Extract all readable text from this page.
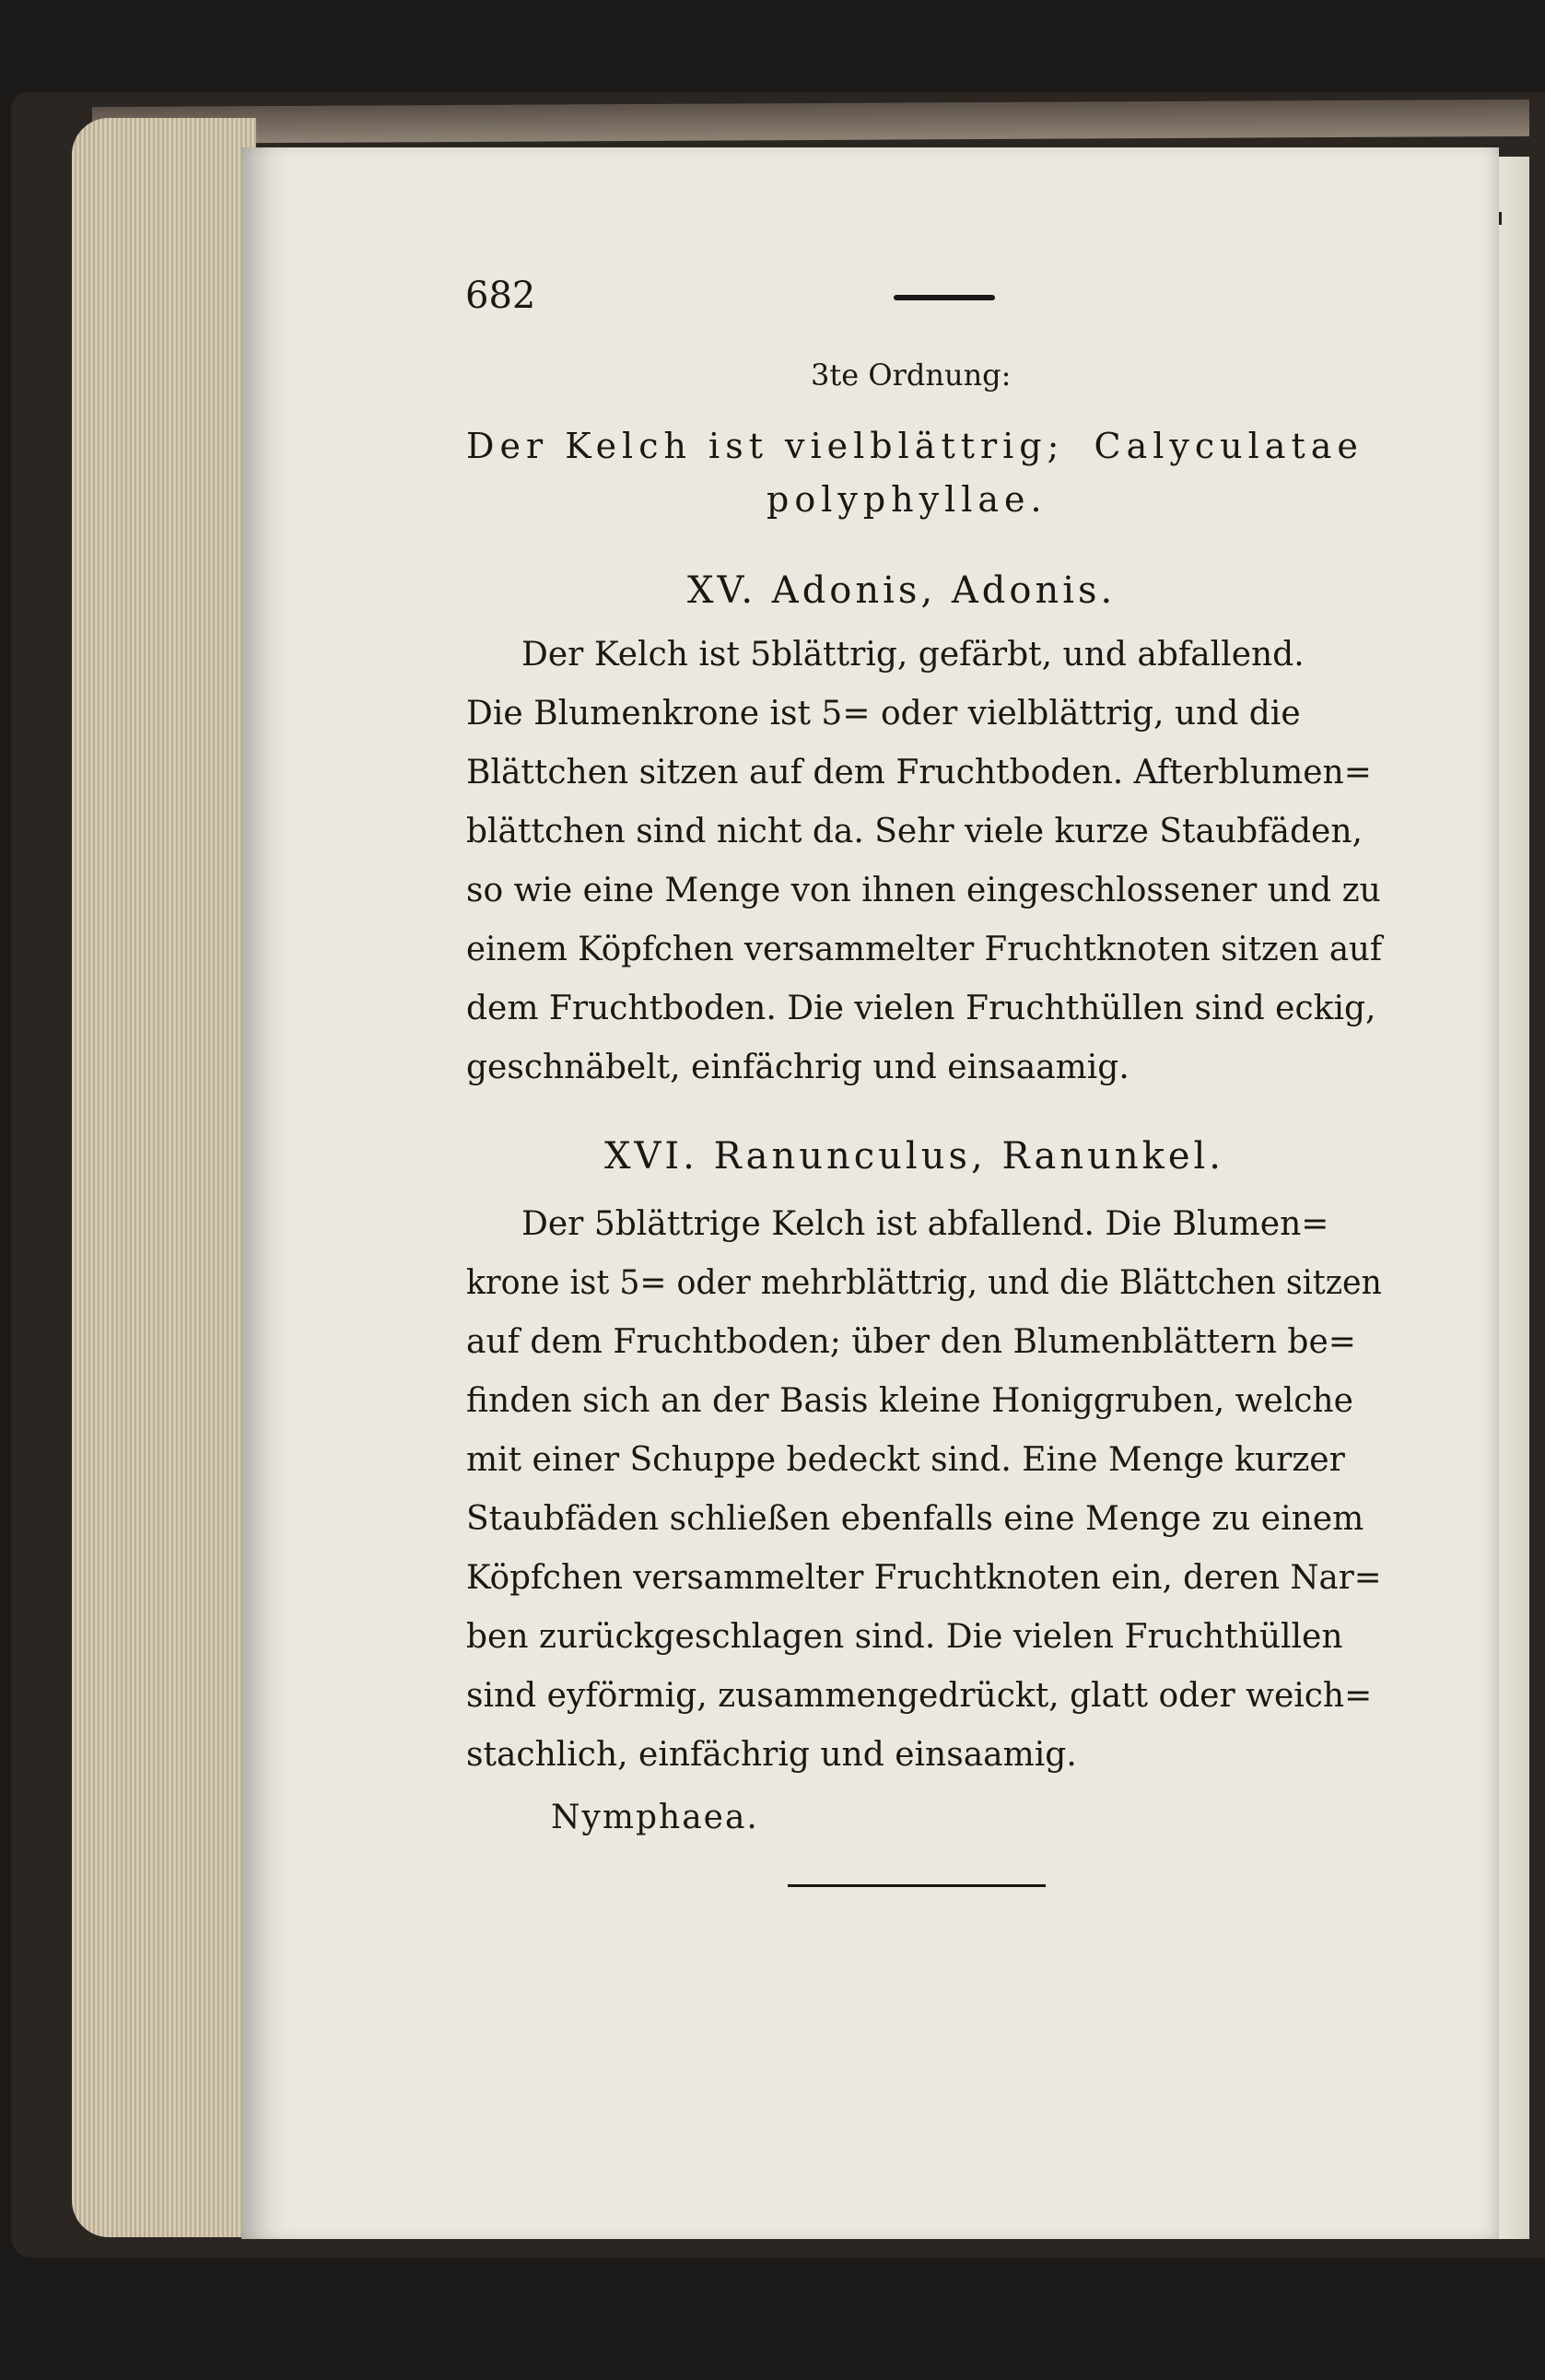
682
3te Ordnung:
Der Kelch ist vielblättrig; Calyculatae
polyphyllae.
XV. Adonis, Adonis.
Der Kelch ist 5blättrig, gefärbt, und abfallend.
Die Blumenkrone ist 5= oder vielblättrig, und die
Blättchen sitzen auf dem Fruchtboden. Afterblumen=
blättchen sind nicht da. Sehr viele kurze Staubfäden,
so wie eine Menge von ihnen eingeschlossener und zu
einem Köpfchen versammelter Fruchtknoten sitzen auf
dem Fruchtboden. Die vielen Fruchthüllen sind eckig,
geschnäbelt, einfächrig und einsaamig.
XVI. Ranunculus, Ranunkel.
Der 5blättrige Kelch ist abfallend. Die Blumen=
krone ist 5= oder mehrblättrig, und die Blättchen sitzen
auf dem Fruchtboden; über den Blumenblättern be=
finden sich an der Basis kleine Honiggruben, welche
mit einer Schuppe bedeckt sind. Eine Menge kurzer
Staubfäden schließen ebenfalls eine Menge zu einem
Köpfchen versammelter Fruchtknoten ein, deren Nar=
ben zurückgeschlagen sind. Die vielen Fruchthüllen
sind eyförmig, zusammengedrückt, glatt oder weich=
stachlich, einfächrig und einsaamig.
Nymphaea.
